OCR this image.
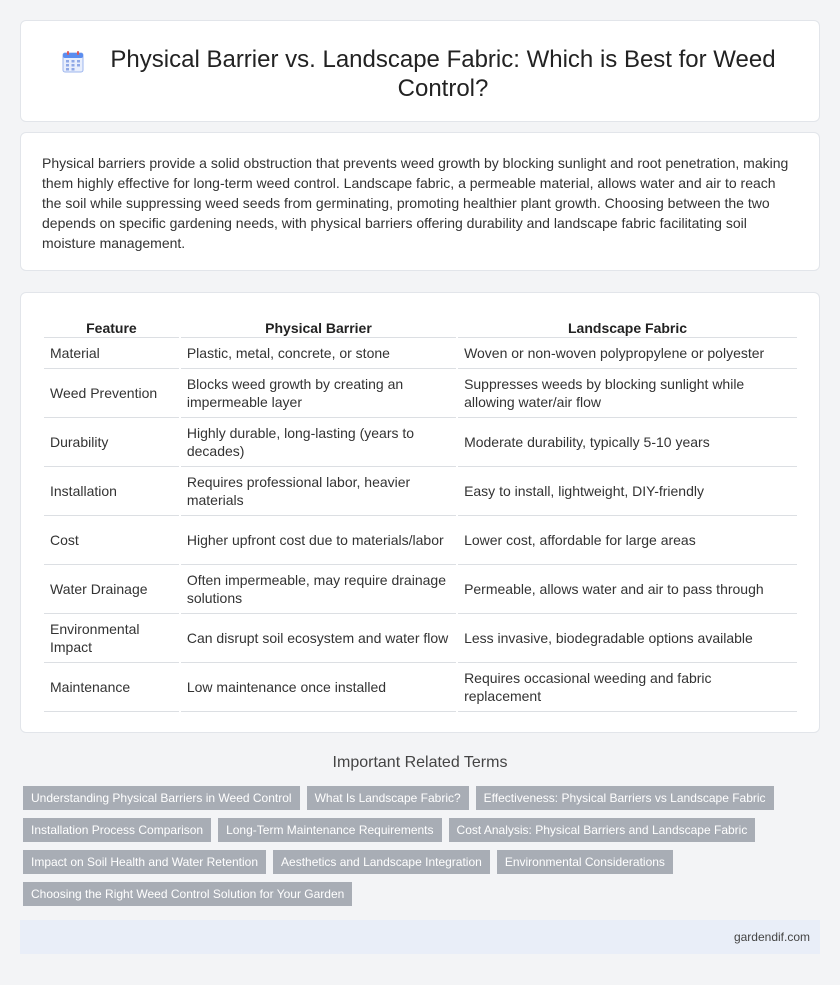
Physical Barrier vs. Landscape Fabric: Which is Best for Weed Control?

Physical barriers provide a solid obstruction that prevents weed growth by blocking sunlight and root penetration, making them highly effective for long-term weed control. Landscape fabric, a permeable material, allows water and air to reach the soil while suppressing weed seeds from germinating, promoting healthier plant growth. Choosing between the two depends on specific gardening needs, with physical barriers offering durability and landscape fabric facilitating soil moisture management.

Feature	Physical Barrier	Landscape Fabric
Material	Plastic, metal, concrete, or stone	Woven or non-woven polypropylene or polyester
Weed Prevention	Blocks weed growth by creating an impermeable layer	Suppresses weeds by blocking sunlight while allowing water/air flow
Durability	Highly durable, long-lasting (years to decades)	Moderate durability, typically 5-10 years
Installation	Requires professional labor, heavier materials	Easy to install, lightweight, DIY-friendly
Cost	Higher upfront cost due to materials/labor	Lower cost, affordable for large areas
Water Drainage	Often impermeable, may require drainage solutions	Permeable, allows water and air to pass through
Environmental Impact	Can disrupt soil ecosystem and water flow	Less invasive, biodegradable options available
Maintenance	Low maintenance once installed	Requires occasional weeding and fabric replacement
Important Related Terms
Understanding Physical Barriers in Weed Control	What Is Landscape Fabric?	Effectiveness: Physical Barriers vs Landscape Fabric
Installation Process Comparison	Long-Term Maintenance Requirements	Cost Analysis: Physical Barriers and Landscape Fabric
Impact on Soil Health and Water Retention	Aesthetics and Landscape Integration	Environmental Considerations
Choosing the Right Weed Control Solution for Your Garden
gardendif.com
